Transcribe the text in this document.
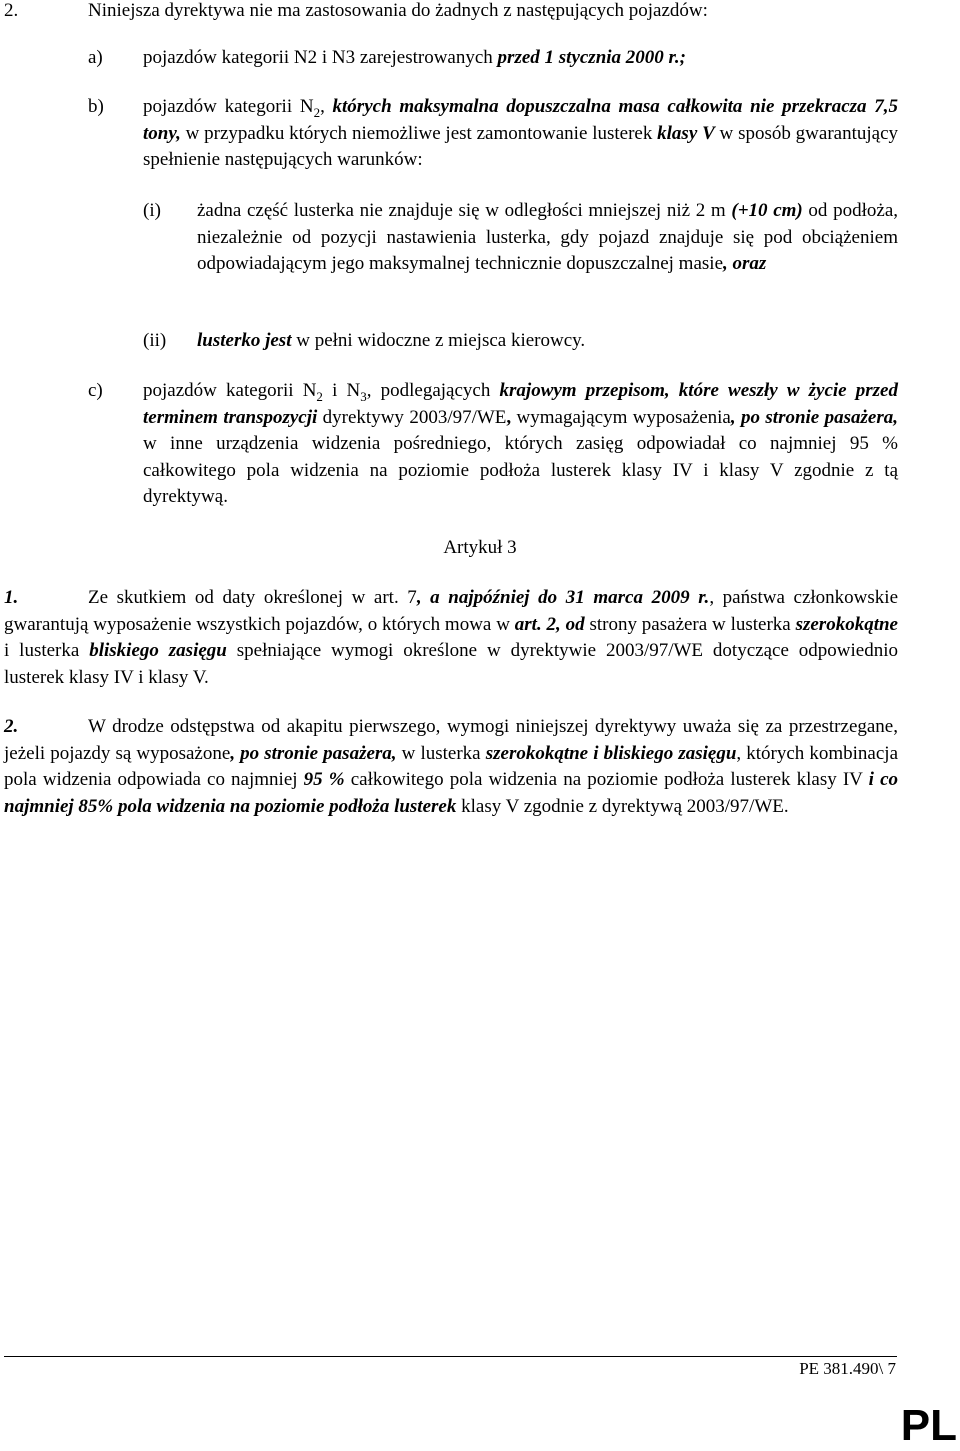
2.	Niniejsza dyrektywa nie ma zastosowania do żadnych z następujących pojazdów:
a) pojazdów kategorii N2 i N3 zarejestrowanych przed 1 stycznia 2000 r.;
b) pojazdów kategorii $N_2$, których maksymalna dopuszczalna masa całkowita nie przekracza 7,5 tony, w przypadku których niemożliwe jest zamontowanie lusterek klasy V w sposób gwarantujący spełnienie następujących warunków:
(i) żadna część lusterka nie znajduje się w odległości mniejszej niż 2 m (+10 cm) od podłoża, niezależnie od pozycji nastawienia lusterka, gdy pojazd znajduje się pod obciążeniem odpowiadającym jego maksymalnej technicznie dopuszczalnej masie, oraz
(ii) lusterko jest w pełni widoczne z miejsca kierowcy.
c) pojazdów kategorii $N_2$ i $N_3$, podlegających krajowym przepisom, które weszły w życie przed terminem transpozycji dyrektywy 2003/97/WE, wymagającym wyposażenia, po stronie pasażera, w inne urządzenia widzenia pośredniego, których zasięg odpowiadał co najmniej 95 % całkowitego pola widzenia na poziomie podłoża lusterek klasy IV i klasy V zgodnie z tą dyrektywą.
Artykuł 3
1.	Ze skutkiem od daty określonej w art. 7, a najpóźniej do 31 marca 2009 r., państwa członkowskie gwarantują wyposażenie wszystkich pojazdów, o których mowa w art. 2, od strony pasażera w lusterka szerokokątne i lusterka bliskiego zasięgu spełniające wymogi określone w dyrektywie 2003/97/WE dotyczące odpowiednio lusterek klasy IV i klasy V.
2.	W drodze odstępstwa od akapitu pierwszego, wymogi niniejszej dyrektywy uważa się za przestrzegane, jeżeli pojazdy są wyposażone, po stronie pasażera, w lusterka szerokokątne i bliskiego zasięgu, których kombinacja pola widzenia odpowiada co najmniej 95 % całkowitego pola widzenia na poziomie podłoża lusterek klasy IV i co najmniej 85% pola widzenia na poziomie podłoża lusterek klasy V zgodnie z dyrektywą 2003/97/WE.
PE 381.490\ 7
PL
